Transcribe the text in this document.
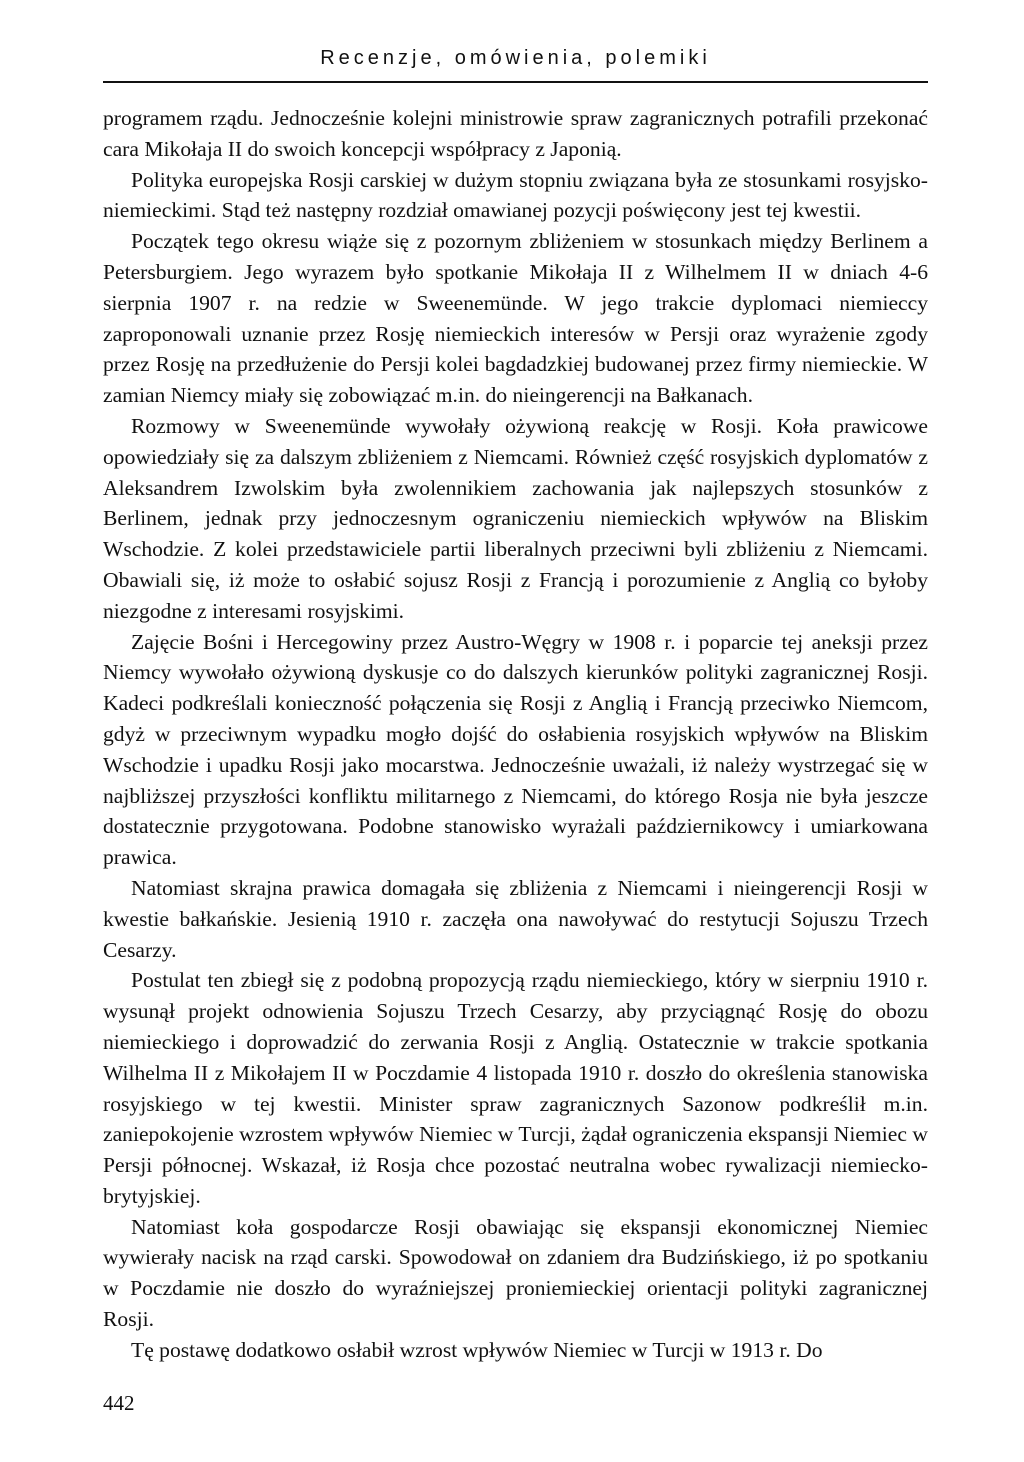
Recenzje, omówienia, polemiki

programem rządu. Jednocześnie kolejni ministrowie spraw zagranicznych potrafili przekonać cara Mikołaja II do swoich koncepcji współpracy z Japonią.

Polityka europejska Rosji carskiej w dużym stopniu związana była ze stosunkami rosyjsko-niemieckimi. Stąd też następny rozdział omawianej pozycji poświęcony jest tej kwestii.

Początek tego okresu wiąże się z pozornym zbliżeniem w stosunkach między Berlinem a Petersburgiem. Jego wyrazem było spotkanie Mikołaja II z Wilhelmem II w dniach 4-6 sierpnia 1907 r. na redzie w Sweenemünde. W jego trakcie dyplomaci niemieccy zaproponowali uznanie przez Rosję niemieckich interesów w Persji oraz wyrażenie zgody przez Rosję na przedłużenie do Persji kolei bagdadzkiej budowanej przez firmy niemieckie. W zamian Niemcy miały się zobowiązać m.in. do nieingerencji na Bałkanach.

Rozmowy w Sweenemünde wywołały ożywioną reakcję w Rosji. Koła prawicowe opowiedziały się za dalszym zbliżeniem z Niemcami. Również część rosyjskich dyplomatów z Aleksandrem Izwolskim była zwolennikiem zachowania jak najlepszych stosunków z Berlinem, jednak przy jednoczesnym ograniczeniu niemieckich wpływów na Bliskim Wschodzie. Z kolei przedstawiciele partii liberalnych przeciwni byli zbliżeniu z Niemcami. Obawiali się, iż może to osłabić sojusz Rosji z Francją i porozumienie z Anglią co byłoby niezgodne z interesami rosyjskimi.

Zajęcie Bośni i Hercegowiny przez Austro-Węgry w 1908 r. i poparcie tej aneksji przez Niemcy wywołało ożywioną dyskusje co do dalszych kierunków polityki zagranicznej Rosji. Kadeci podkreślali konieczność połączenia się Rosji z Anglią i Francją przeciwko Niemcom, gdyż w przeciwnym wypadku mogło dojść do osłabienia rosyjskich wpływów na Bliskim Wschodzie i upadku Rosji jako mocarstwa. Jednocześnie uważali, iż należy wystrzegać się w najbliższej przyszłości konfliktu militarnego z Niemcami, do którego Rosja nie była jeszcze dostatecznie przygotowana. Podobne stanowisko wyrażali październikowcy i umiarkowana prawica.

Natomiast skrajna prawica domagała się zbliżenia z Niemcami i nieingerencji Rosji w kwestie bałkańskie. Jesienią 1910 r. zaczęła ona nawoływać do restytucji Sojuszu Trzech Cesarzy.

Postulat ten zbiegł się z podobną propozycją rządu niemieckiego, który w sierpniu 1910 r. wysunął projekt odnowienia Sojuszu Trzech Cesarzy, aby przyciągnąć Rosję do obozu niemieckiego i doprowadzić do zerwania Rosji z Anglią. Ostatecznie w trakcie spotkania Wilhelma II z Mikołajem II w Poczdamie 4 listopada 1910 r. doszło do określenia stanowiska rosyjskiego w tej kwestii. Minister spraw zagranicznych Sazonow podkreślił m.in. zaniepokojenie wzrostem wpływów Niemiec w Turcji, żądał ograniczenia ekspansji Niemiec w Persji północnej. Wskazał, iż Rosja chce pozostać neutralna wobec rywalizacji niemiecko-brytyjskiej.

Natomiast koła gospodarcze Rosji obawiając się ekspansji ekonomicznej Niemiec wywierały nacisk na rząd carski. Spowodował on zdaniem dra Budzińskiego, iż po spotkaniu w Poczdamie nie doszło do wyraźniejszej proniemieckiej orientacji polityki zagranicznej Rosji.

Tę postawę dodatkowo osłabił wzrost wpływów Niemiec w Turcji w 1913 r. Do

442
